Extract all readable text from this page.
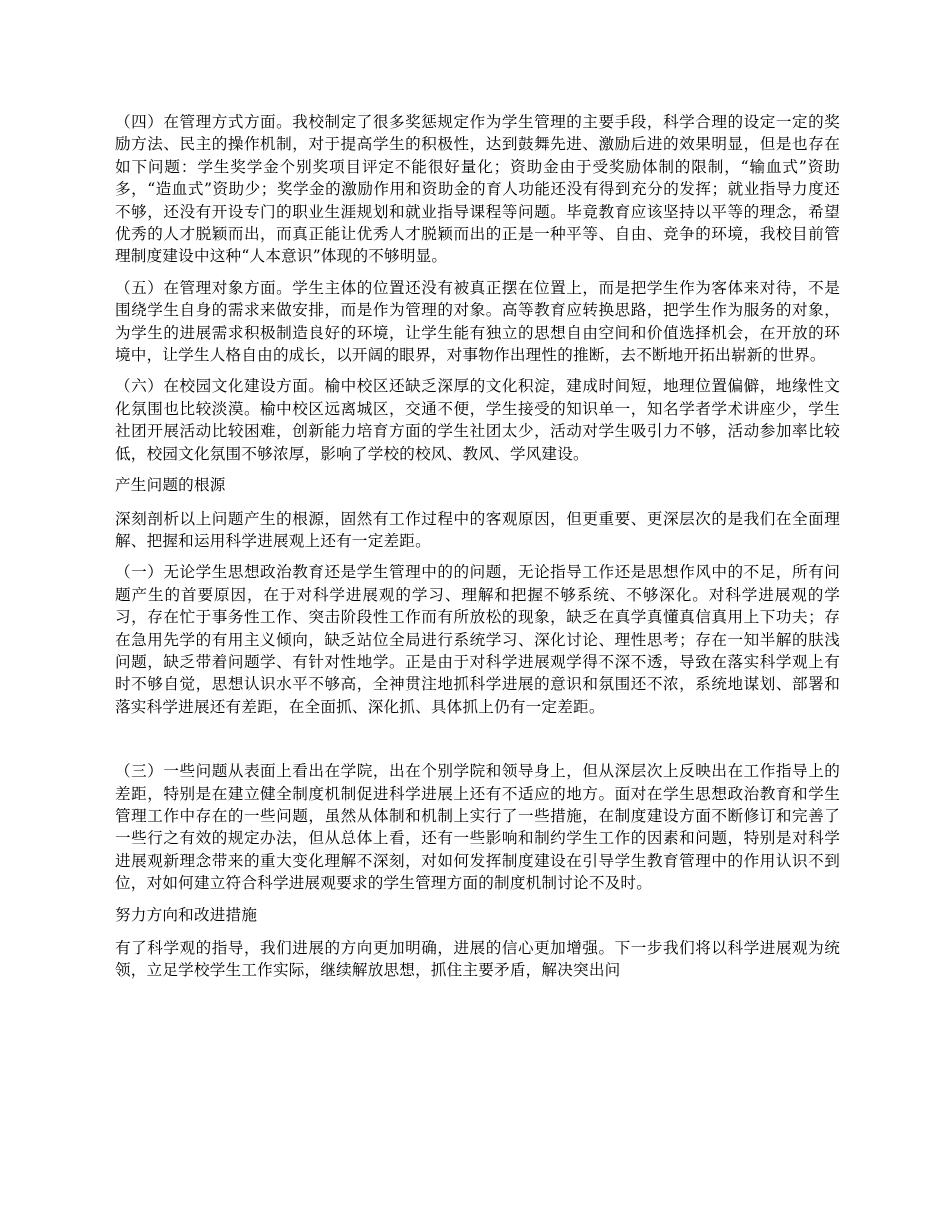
（四）在管理方式方面。我校制定了很多奖惩规定作为学生管理的主要手段，科学合理的设定一定的奖励方法、民主的操作机制，对于提高学生的积极性，达到鼓舞先进、激励后进的效果明显，但是也存在如下问题：学生奖学金个别奖项目评定不能很好量化；资助金由于受奖励体制的限制，“输血式”资助多，“造血式”资助少；奖学金的激励作用和资助金的育人功能还没有得到充分的发挥；就业指导力度还不够，还没有开设专门的职业生涯规划和就业指导课程等问题。毕竟教育应该坚持以平等的理念，希望优秀的人才脱颖而出，而真正能让优秀人才脱颖而出的正是一种平等、自由、竞争的环境，我校目前管理制度建设中这种“人本意识”体现的不够明显。

（五）在管理对象方面。学生主体的位置还没有被真正摆在位置上，而是把学生作为客体来对待，不是围绕学生自身的需求来做安排，而是作为管理的对象。高等教育应转换思路，把学生作为服务的对象，为学生的进展需求积极制造良好的环境，让学生能有独立的思想自由空间和价值选择机会，在开放的环境中，让学生人格自由的成长，以开阔的眼界，对事物作出理性的推断，去不断地开拓出崭新的世界。

（六）在校园文化建设方面。榆中校区还缺乏深厚的文化积淀，建成时间短，地理位置偏僻，地缘性文化氛围也比较淡漠。榆中校区远离城区，交通不便，学生接受的知识单一，知名学者学术讲座少，学生社团开展活动比较困难，创新能力培育方面的学生社团太少，活动对学生吸引力不够，活动参加率比较低，校园文化氛围不够浓厚，影响了学校的校风、教风、学风建设。

产生问题的根源

深刻剖析以上问题产生的根源，固然有工作过程中的客观原因，但更重要、更深层次的是我们在全面理解、把握和运用科学进展观上还有一定差距。

（一）无论学生思想政治教育还是学生管理中的的问题，无论指导工作还是思想作风中的不足，所有问题产生的首要原因，在于对科学进展观的学习、理解和把握不够系统、不够深化。对科学进展观的学习，存在忙于事务性工作、突击阶段性工作而有所放松的现象，缺乏在真学真懂真信真用上下功夫；存在急用先学的有用主义倾向，缺乏站位全局进行系统学习、深化讨论、理性思考；存在一知半解的肤浅问题，缺乏带着问题学、有针对性地学。正是由于对科学进展观学得不深不透，导致在落实科学观上有时不够自觉，思想认识水平不够高，全神贯注地抓科学进展的意识和氛围还不浓，系统地谋划、部署和落实科学进展还有差距，在全面抓、深化抓、具体抓上仍有一定差距。

（三）一些问题从表面上看出在学院，出在个别学院和领导身上，但从深层次上反映出在工作指导上的差距，特别是在建立健全制度机制促进科学进展上还有不适应的地方。面对在学生思想政治教育和学生管理工作中存在的一些问题，虽然从体制和机制上实行了一些措施，在制度建设方面不断修订和完善了一些行之有效的规定办法，但从总体上看，还有一些影响和制约学生工作的因素和问题，特别是对科学进展观新理念带来的重大变化理解不深刻，对如何发挥制度建设在引导学生教育管理中的作用认识不到位，对如何建立符合科学进展观要求的学生管理方面的制度机制讨论不及时。

努力方向和改进措施

有了科学观的指导，我们进展的方向更加明确，进展的信心更加增强。下一步我们将以科学进展观为统领，立足学校学生工作实际，继续解放思想，抓住主要矛盾，解决突出问
